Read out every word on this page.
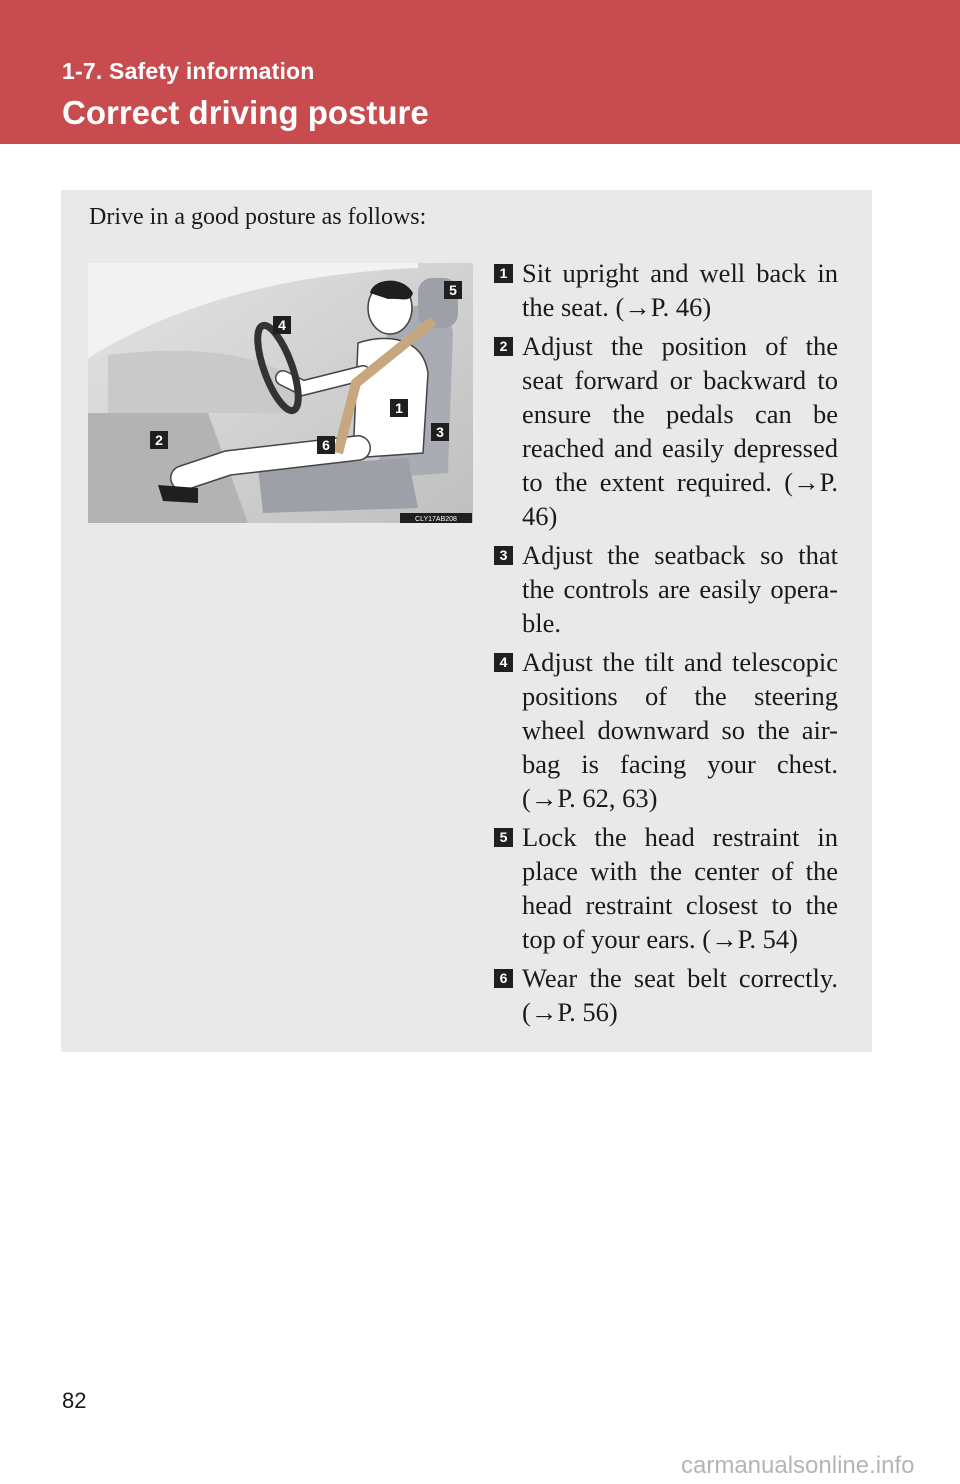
1-7. Safety information
Correct driving posture
Drive in a good posture as follows:
1
2	3
4
5
6
CLY17AB208
1 Sit upright and well back in the seat. (→P. 46)
2 Adjust the position of the seat forward or backward to ensure the pedals can be reached and easily depressed to the extent required. (→P. 46)
3 Adjust the seatback so that the controls are easily opera-ble.
4 Adjust the tilt and telescopic positions of the steering wheel downward so the air-bag is facing your chest. (→P. 62, 63)
5 Lock the head restraint in place with the center of the head restraint closest to the top of your ears. (→P. 54)
6 Wear the seat belt correctly. (→P. 56)
82
carmanualsonline.info
